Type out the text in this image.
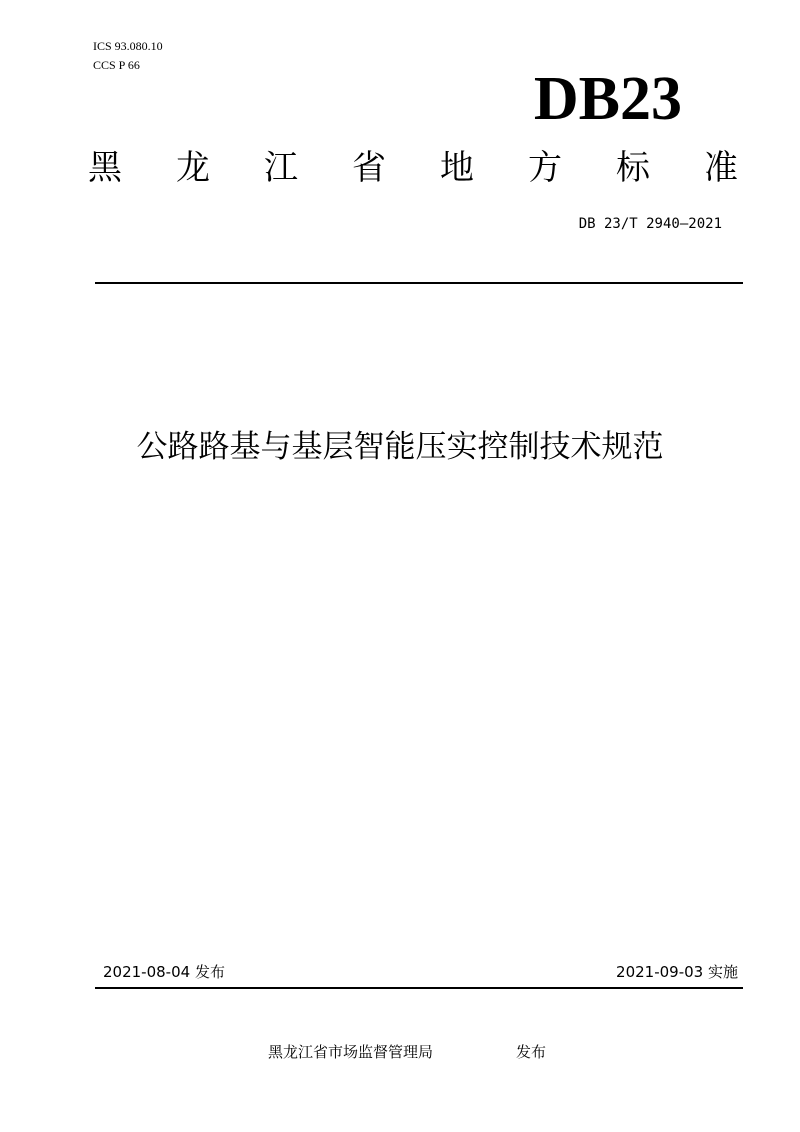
ICS 93.080.10
CCS P 66	DB23
黑 龙 江 省 地 方 标 准
DB 23/T 2940—2021
公路路基与基层智能压实控制技术规范
2021-08-04 发布	2021-09-03 实施
黑龙江省市场监督管理局	发布
